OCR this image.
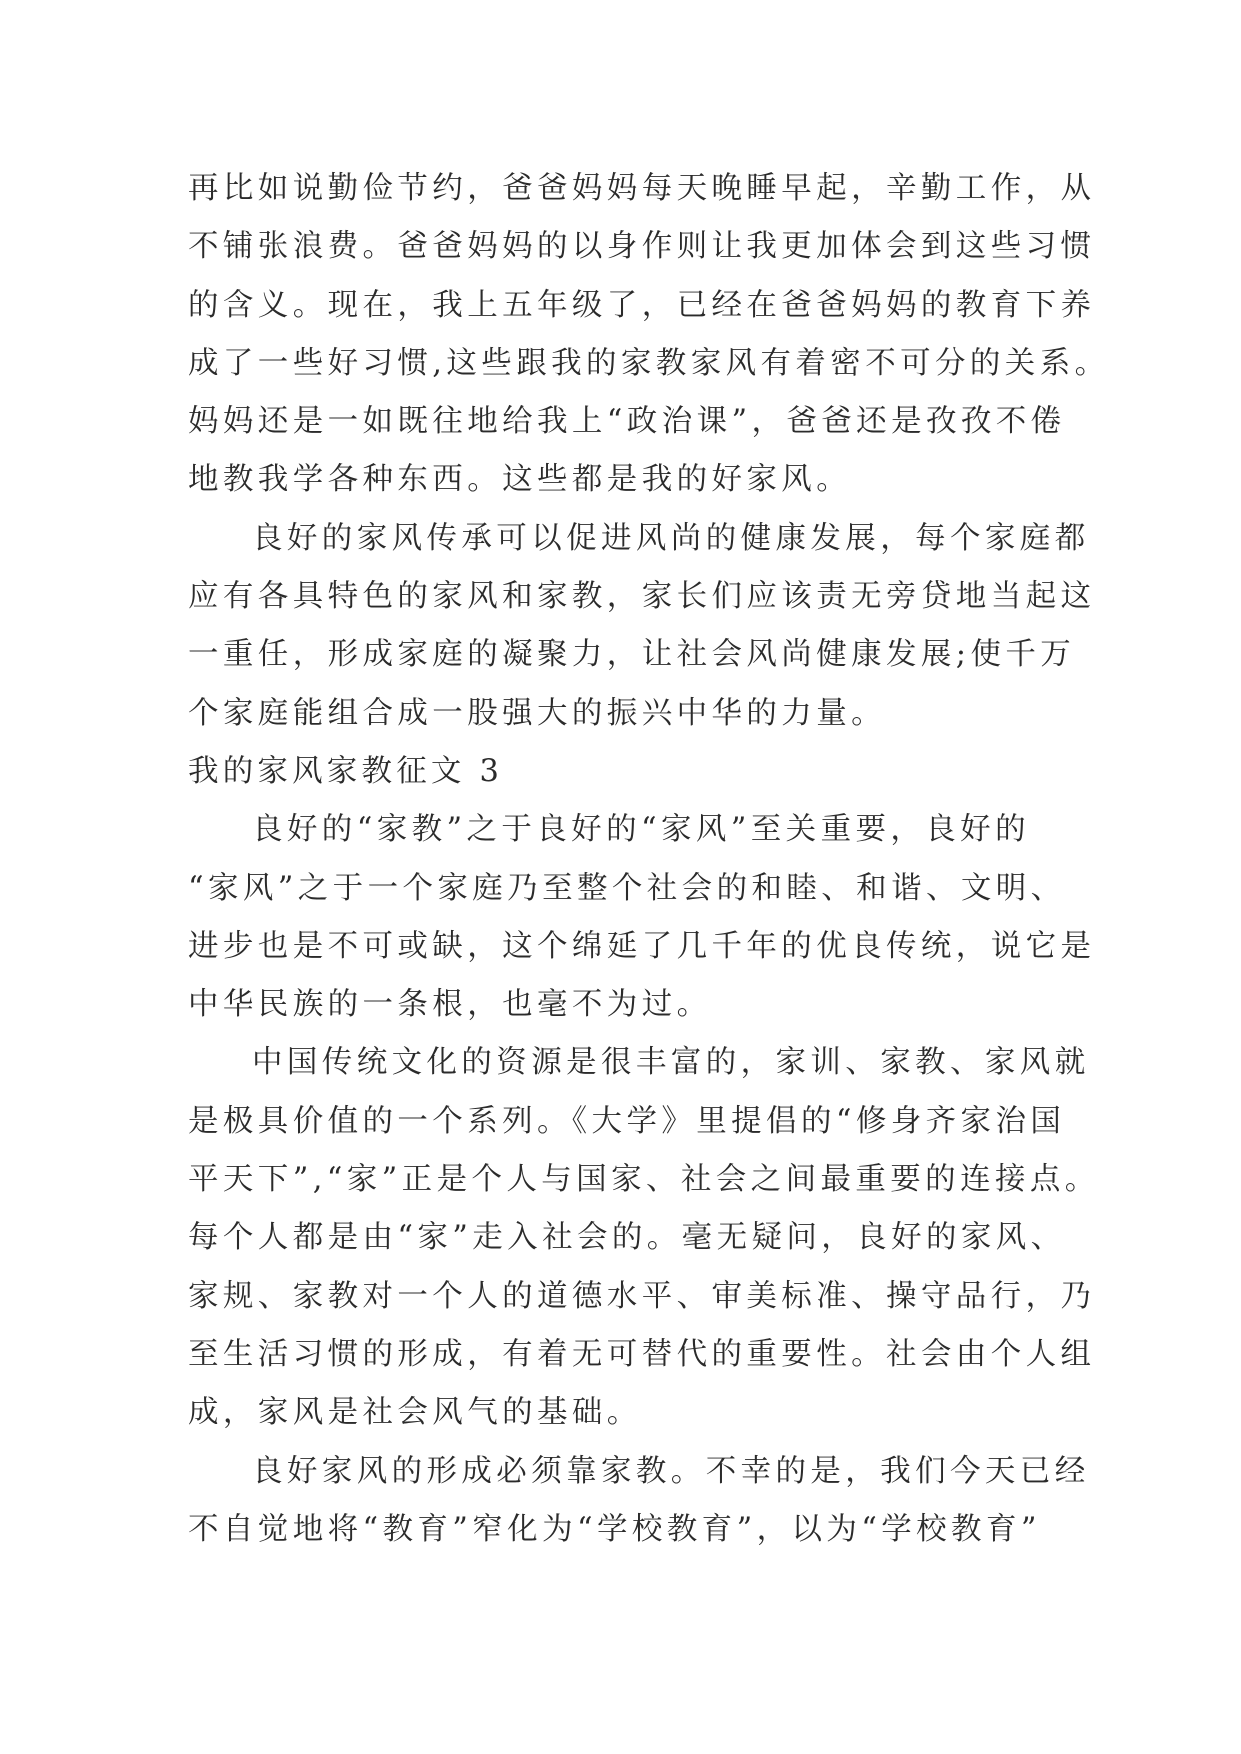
再比如说勤俭节约，爸爸妈妈每天晚睡早起，辛勤工作，从
不铺张浪费。爸爸妈妈的以身作则让我更加体会到这些习惯
的含义。现在，我上五年级了，已经在爸爸妈妈的教育下养
成了一些好习惯,这些跟我的家教家风有着密不可分的关系。
妈妈还是一如既往地给我上“政治课”，爸爸还是孜孜不倦
地教我学各种东西。这些都是我的好家风。
良好的家风传承可以促进风尚的健康发展，每个家庭都
应有各具特色的家风和家教，家长们应该责无旁贷地当起这
一重任，形成家庭的凝聚力，让社会风尚健康发展;使千万
个家庭能组合成一股强大的振兴中华的力量。
我的家风家教征文 3
良好的“家教”之于良好的“家风”至关重要，良好的
“家风”之于一个家庭乃至整个社会的和睦、和谐、文明、
进步也是不可或缺，这个绵延了几千年的优良传统，说它是
中华民族的一条根，也毫不为过。
中国传统文化的资源是很丰富的，家训、家教、家风就
是极具价值的一个系列。《大学》里提倡的“修身齐家治国
平天下”,“家”正是个人与国家、社会之间最重要的连接点。
每个人都是由“家”走入社会的。毫无疑问，良好的家风、
家规、家教对一个人的道德水平、审美标准、操守品行，乃
至生活习惯的形成，有着无可替代的重要性。社会由个人组
成，家风是社会风气的基础。
良好家风的形成必须靠家教。不幸的是，我们今天已经
不自觉地将“教育”窄化为“学校教育”，以为“学校教育”
